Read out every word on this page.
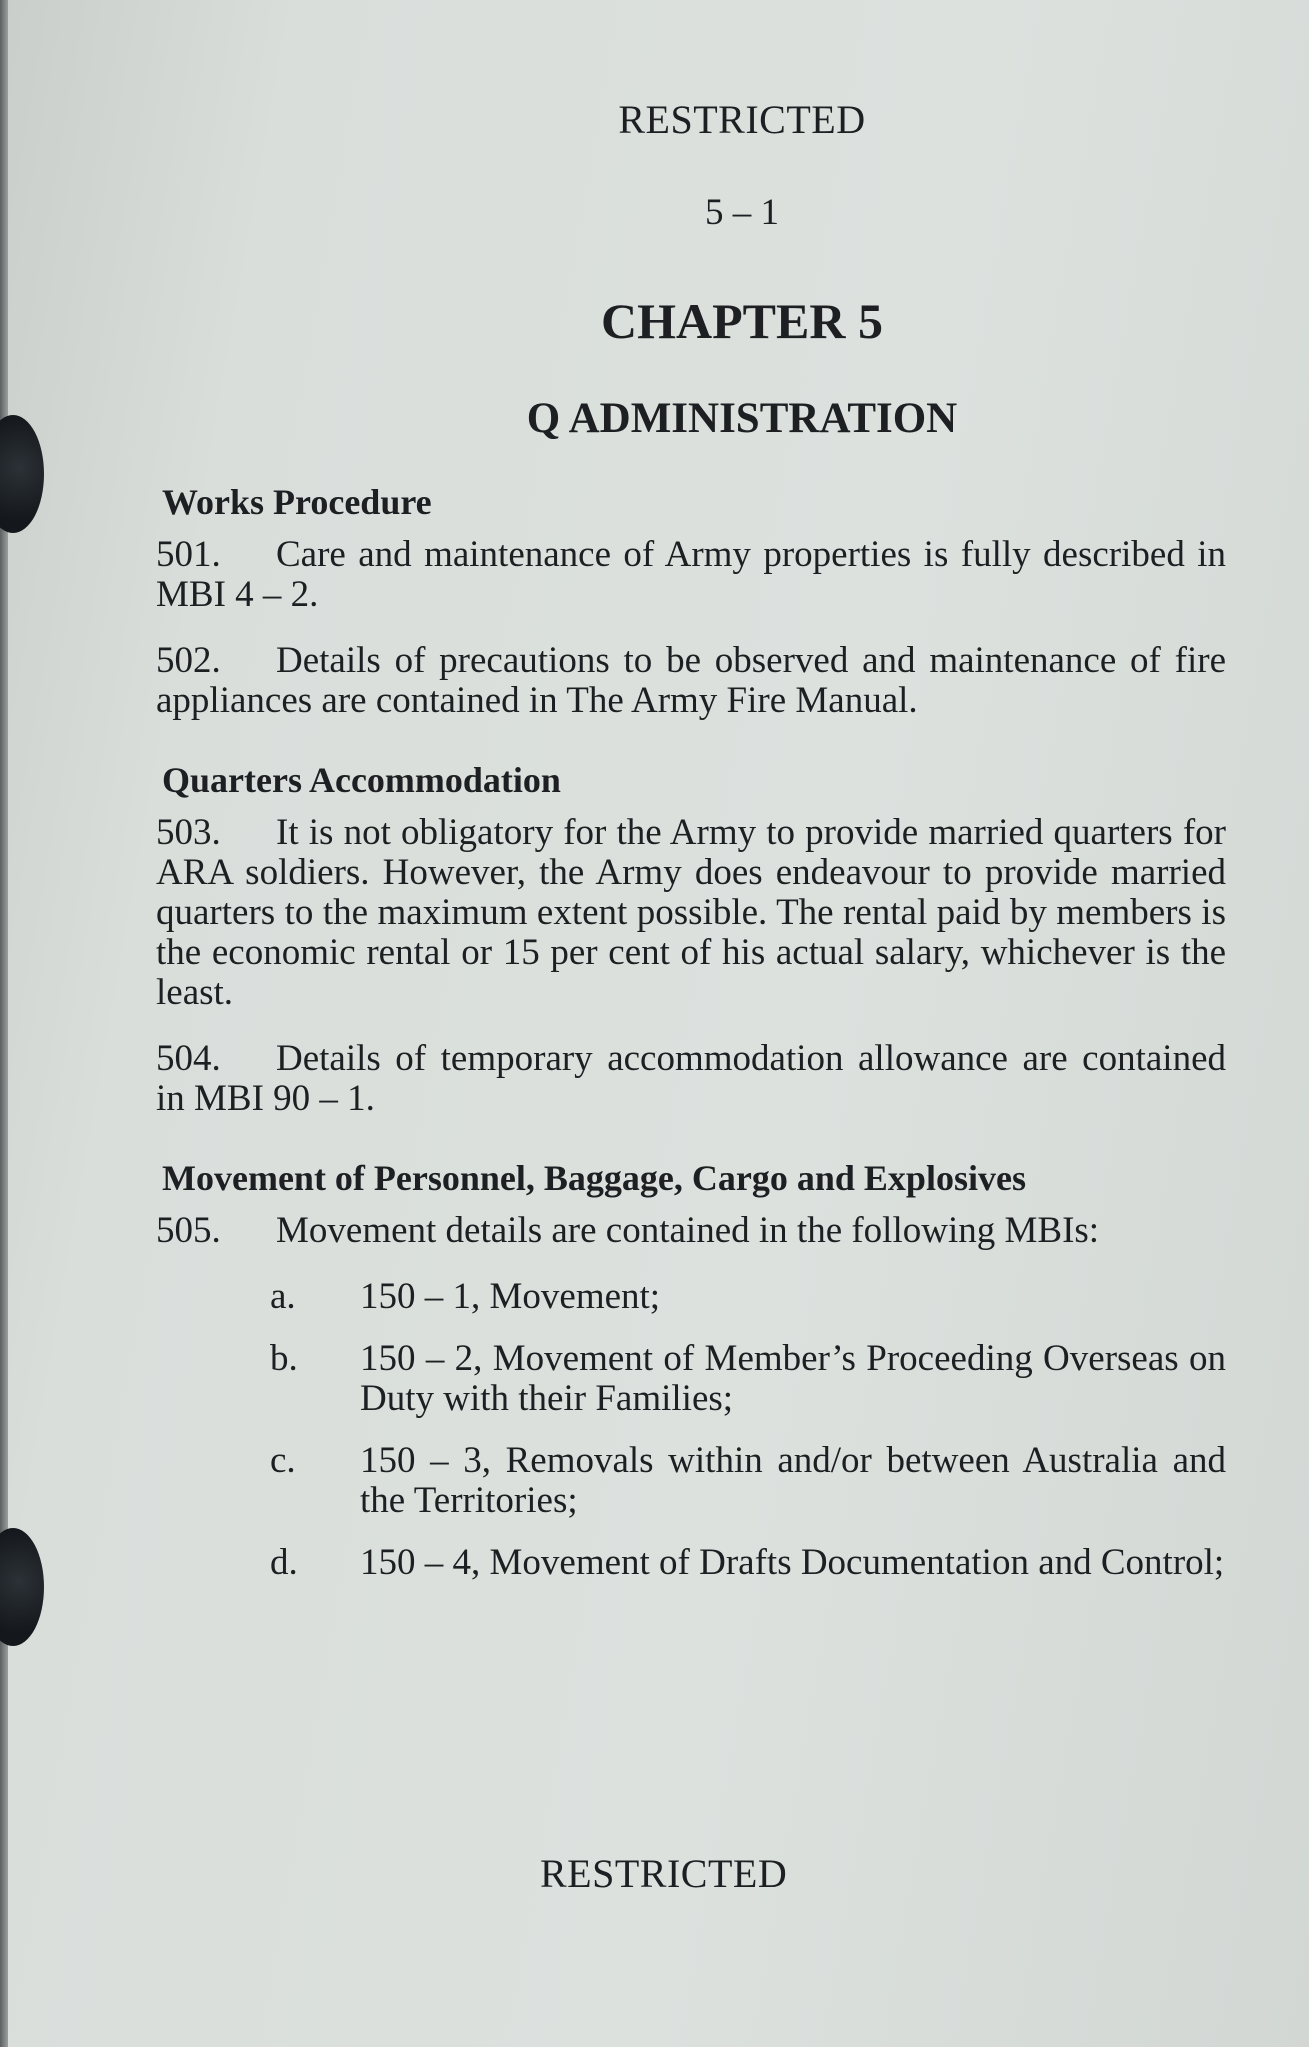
RESTRICTED
5 – 1
CHAPTER 5
Q ADMINISTRATION
Works Procedure

501. Care and maintenance of Army properties is fully described in MBI 4 – 2.

502. Details of precautions to be observed and maintenance of fire appliances are contained in The Army Fire Manual.

Quarters Accommodation

503. It is not obligatory for the Army to provide married quarters for ARA soldiers. However, the Army does endeavour to provide married quarters to the maximum extent possible. The rental paid by members is the economic rental or 15 per cent of his actual salary, whichever is the least.

504. Details of temporary accommodation allowance are contained in MBI 90 – 1.

Movement of Personnel, Baggage, Cargo and Explosives

505. Movement details are contained in the following MBIs:

a.	150 – 1, Movement;
b.	150 – 2, Movement of Member’s Proceeding Overseas on Duty with their Families;
c.	150 – 3, Removals within and/or between Australia and the Territories;
d.	150 – 4, Movement of Drafts Documentation and Control;
RESTRICTED
